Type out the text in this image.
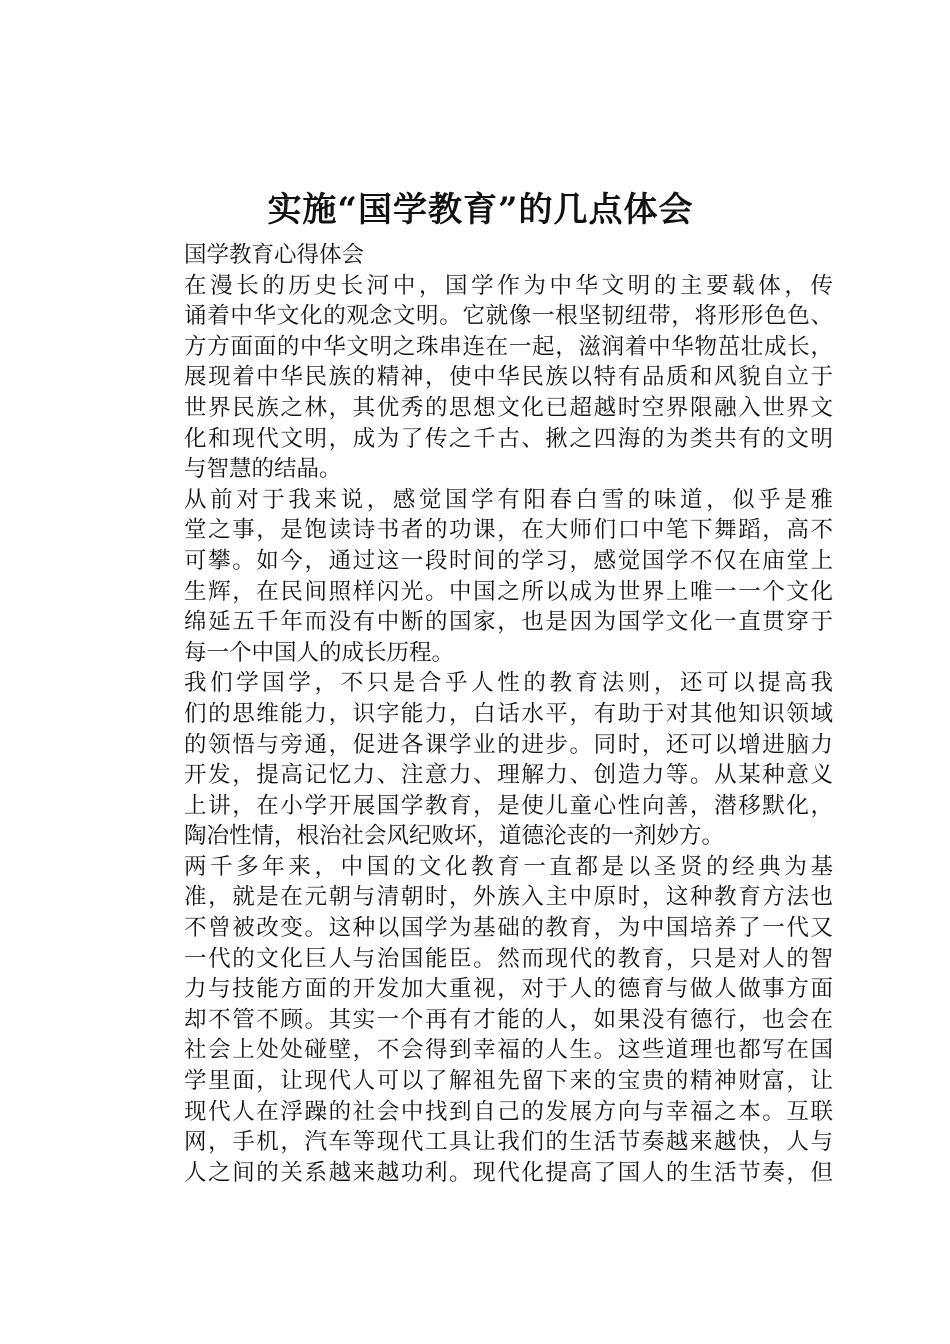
实施“国学教育”的几点体会
国学教育心得体会
在漫长的历史长河中，国学作为中华文明的主要载体，传
诵着中华文化的观念文明。它就像一根坚韧纽带，将形形色色、
方方面面的中华文明之珠串连在一起，滋润着中华物茁壮成长，
展现着中华民族的精神，使中华民族以特有品质和风貌自立于
世界民族之林，其优秀的思想文化已超越时空界限融入世界文
化和现代文明，成为了传之千古、揪之四海的为类共有的文明
与智慧的结晶。
从前对于我来说，感觉国学有阳春白雪的味道，似乎是雅
堂之事，是饱读诗书者的功课，在大师们口中笔下舞蹈，高不
可攀。如今，通过这一段时间的学习，感觉国学不仅在庙堂上
生辉，在民间照样闪光。中国之所以成为世界上唯一一个文化
绵延五千年而没有中断的国家，也是因为国学文化一直贯穿于
每一个中国人的成长历程。
我们学国学，不只是合乎人性的教育法则，还可以提高我
们的思维能力，识字能力，白话水平，有助于对其他知识领域
的领悟与旁通，促进各课学业的进步。同时，还可以增进脑力
开发，提高记忆力、注意力、理解力、创造力等。从某种意义
上讲，在小学开展国学教育，是使儿童心性向善，潜移默化，
陶冶性情，根治社会风纪败坏，道德沦丧的一剂妙方。
两千多年来，中国的文化教育一直都是以圣贤的经典为基
准，就是在元朝与清朝时，外族入主中原时，这种教育方法也
不曾被改变。这种以国学为基础的教育，为中国培养了一代又
一代的文化巨人与治国能臣。然而现代的教育，只是对人的智
力与技能方面的开发加大重视，对于人的德育与做人做事方面
却不管不顾。其实一个再有才能的人，如果没有德行，也会在
社会上处处碰壁，不会得到幸福的人生。这些道理也都写在国
学里面，让现代人可以了解祖先留下来的宝贵的精神财富，让
现代人在浮躁的社会中找到自己的发展方向与幸福之本。互联
网，手机，汽车等现代工具让我们的生活节奏越来越快，人与
人之间的关系越来越功利。现代化提高了国人的生活节奏，但
